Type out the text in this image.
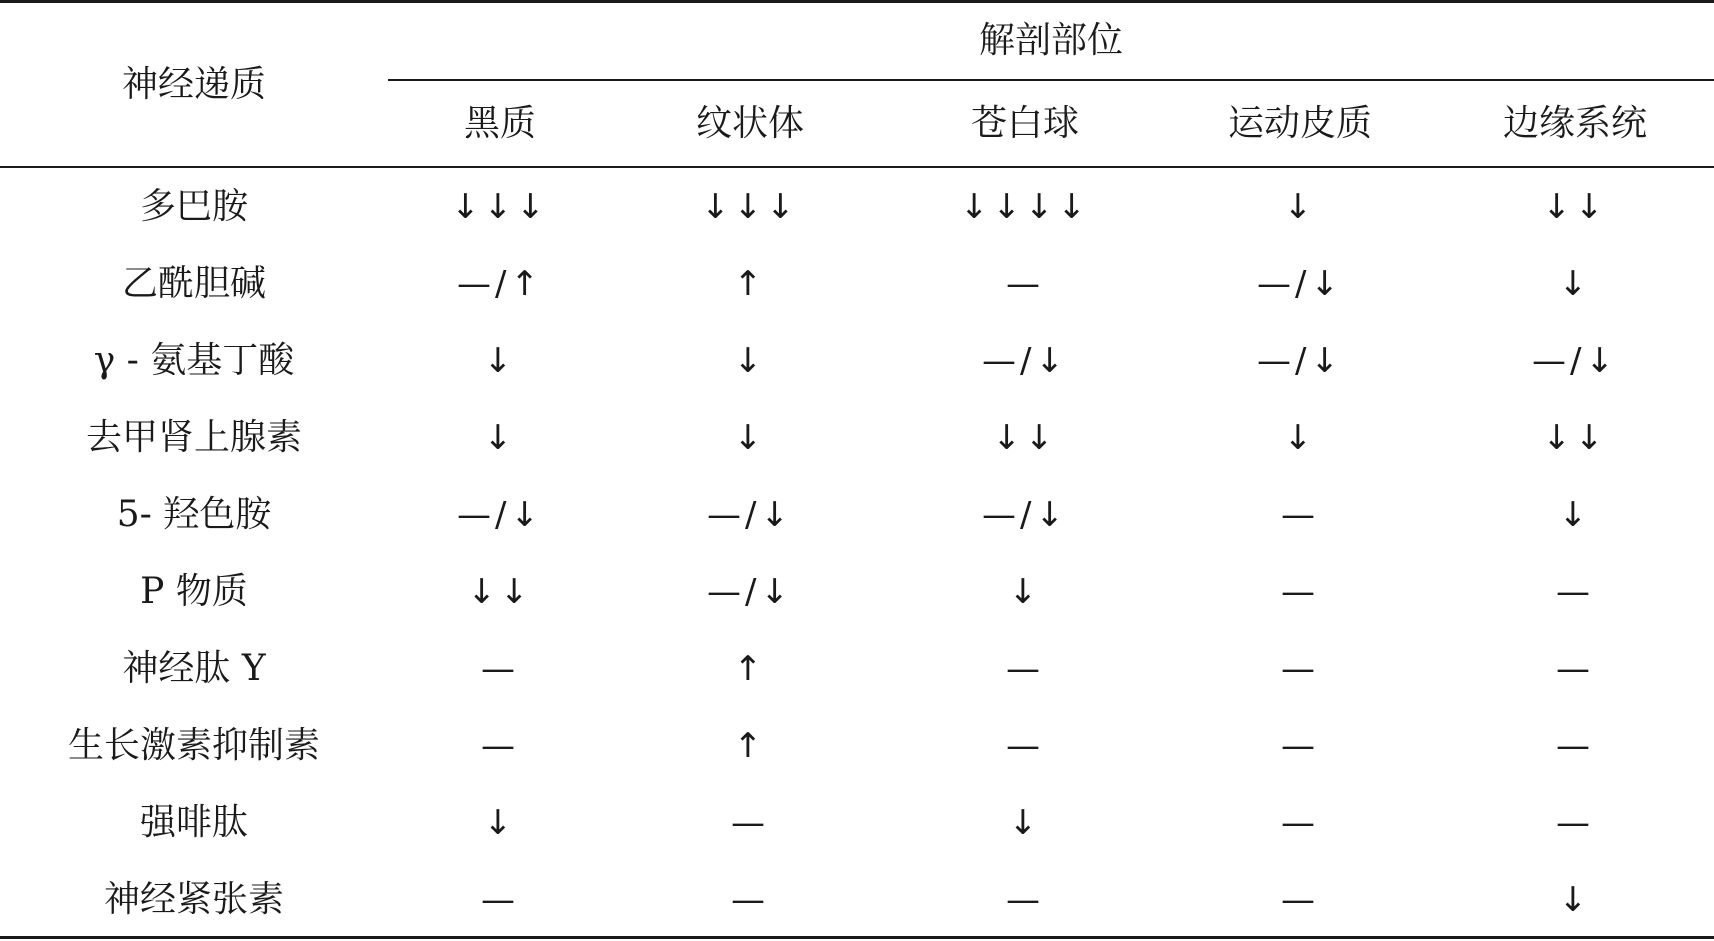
神经递质
解剖部位
黑质	纹状体	苍白球	运动皮质	边缘系统
多巴胺	↓↓↓	↓↓↓	↓↓↓↓	↓	↓↓
乙酰胆碱	—/↑	↑	—	—/↓	↓
γ - 氨基丁酸	↓	↓	—/↓	—/↓	—/↓
去甲肾上腺素	↓	↓	↓↓	↓	↓↓
5- 羟色胺	—/↓	—/↓	—/↓	—	↓
P 物质	↓↓	—/↓	↓	—	—
神经肽 Y	—	↑	—	—	—
生长激素抑制素	—	↑	—	—	—
强啡肽	↓	—	↓	—	—
神经紧张素	—	—	—	—	↓
